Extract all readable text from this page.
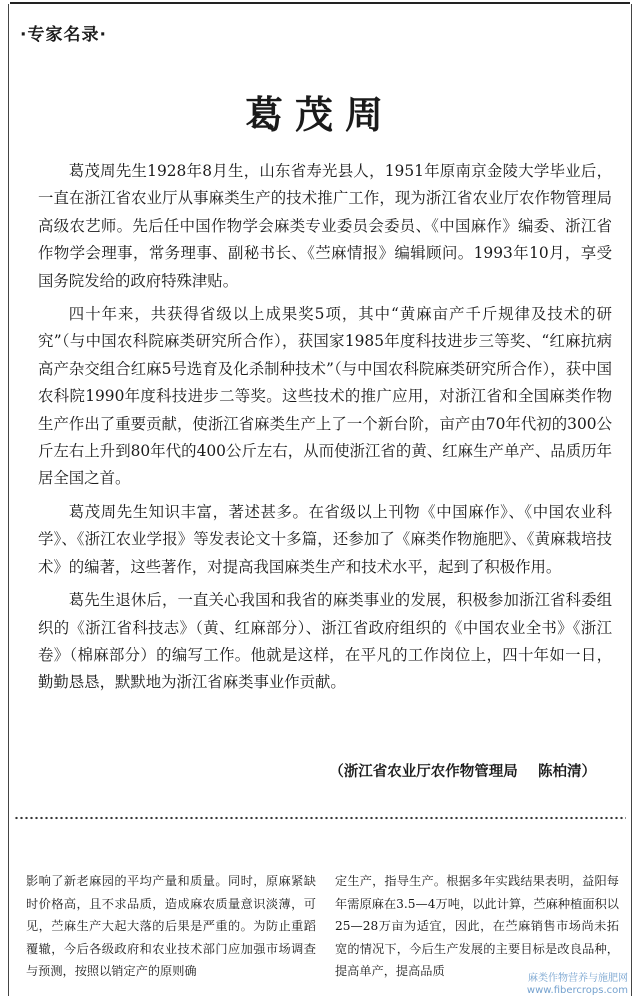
·专家名录·
葛茂周

葛茂周先生1928年8月生，山东省寿光县人，1951年原南京金陵大学毕业后，一直在浙江省农业厅从事麻类生产的技术推广工作，现为浙江省农业厅农作物管理局高级农艺师。先后任中国作物学会麻类专业委员会委员、《中国麻作》编委、浙江省作物学会理事，常务理事、副秘书长、《苎麻情报》编辑顾问。1993年10月，享受国务院发给的政府特殊津贴。

四十年来，共获得省级以上成果奖5项，其中“黄麻亩产千斤规律及技术的研究”（与中国农科院麻类研究所合作），获国家1985年度科技进步三等奖、“红麻抗病高产杂交组合红麻5号选育及化杀制种技术”（与中国农科院麻类研究所合作），获中国农科院1990年度科技进步二等奖。这些技术的推广应用，对浙江省和全国麻类作物生产作出了重要贡献，使浙江省麻类生产上了一个新台阶，亩产由70年代初的300公斤左右上升到80年代的400公斤左右，从而使浙江省的黄、红麻生产单产、品质历年居全国之首。

葛茂周先生知识丰富，著述甚多。在省级以上刊物《中国麻作》、《中国农业科学》、《浙江农业学报》等发表论文十多篇，还参加了《麻类作物施肥》、《黄麻栽培技术》的编著，这些著作，对提高我国麻类生产和技术水平，起到了积极作用。

葛先生退休后，一直关心我国和我省的麻类事业的发展，积极参加浙江省科委组织的《浙江省科技志》（黄、红麻部分）、浙江省政府组织的《中国农业全书》《浙江卷》（棉麻部分）的编写工作。他就是这样，在平凡的工作岗位上，四十年如一日，勤勤恳恳，默默地为浙江省麻类事业作贡献。

（浙江省农业厅农作物管理局    陈柏清）
影响了新老麻园的平均产量和质量。同时，原麻紧缺时价格高，且不求品质，造成麻农质量意识淡薄，可见，苎麻生产大起大落的后果是严重的。为防止重蹈覆辙，今后各级政府和农业技术部门应加强市场调查与预测，按照以销定产的原则确
定生产，指导生产。根据多年实践结果表明，益阳每年需原麻在3.5—4万吨，以此计算，苎麻种植面积以25—28万亩为适宜，因此，在苎麻销售市场尚未拓宽的情况下，今后生产发展的主要目标是改良品种，提高单产，提高品质
麻类作物营养与施肥网
www.fibercrops.com
